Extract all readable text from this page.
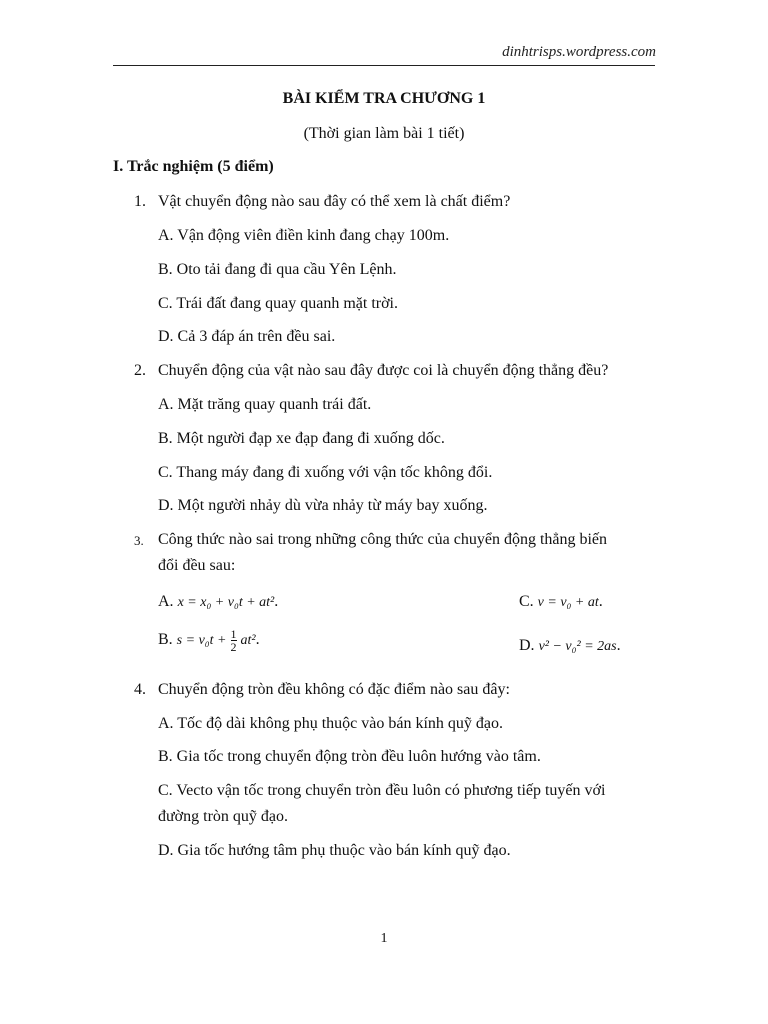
dinhtrisps.wordpress.com
BÀI KIỂM TRA CHƯƠNG 1
(Thời gian làm bài 1 tiết)
I. Trắc nghiệm (5 điểm)
1. Vật chuyển động nào sau đây có thể xem là chất điểm?
A. Vận động viên điền kinh đang chạy 100m.
B. Oto tải đang đi qua cầu Yên Lệnh.
C. Trái đất đang quay quanh mặt trời.
D. Cả 3 đáp án trên đều sai.
2. Chuyển động của vật nào sau đây được coi là chuyển động thẳng đều?
A. Mặt trăng quay quanh trái đất.
B. Một người đạp xe đạp đang đi xuống dốc.
C. Thang máy đang đi xuống với vận tốc không đổi.
D. Một người nhảy dù vừa nhảy từ máy bay xuống.
3. Công thức nào sai trong những công thức của chuyển động thẳng biến
đổi đều sau:
A. x = x₀ + v₀t + at².	C. v = v₀ + at.
B. $s = v_0t + \frac{1}{2} at^2$.	D. v² − v₀² = 2as.
4. Chuyển động tròn đều không có đặc điểm nào sau đây:
A. Tốc độ dài không phụ thuộc vào bán kính quỹ đạo.
B. Gia tốc trong chuyển động tròn đều luôn hướng vào tâm.
C. Vecto vận tốc trong chuyển tròn đều luôn có phương tiếp tuyến với
đường tròn quỹ đạo.
D. Gia tốc hướng tâm phụ thuộc vào bán kính quỹ đạo.
1
